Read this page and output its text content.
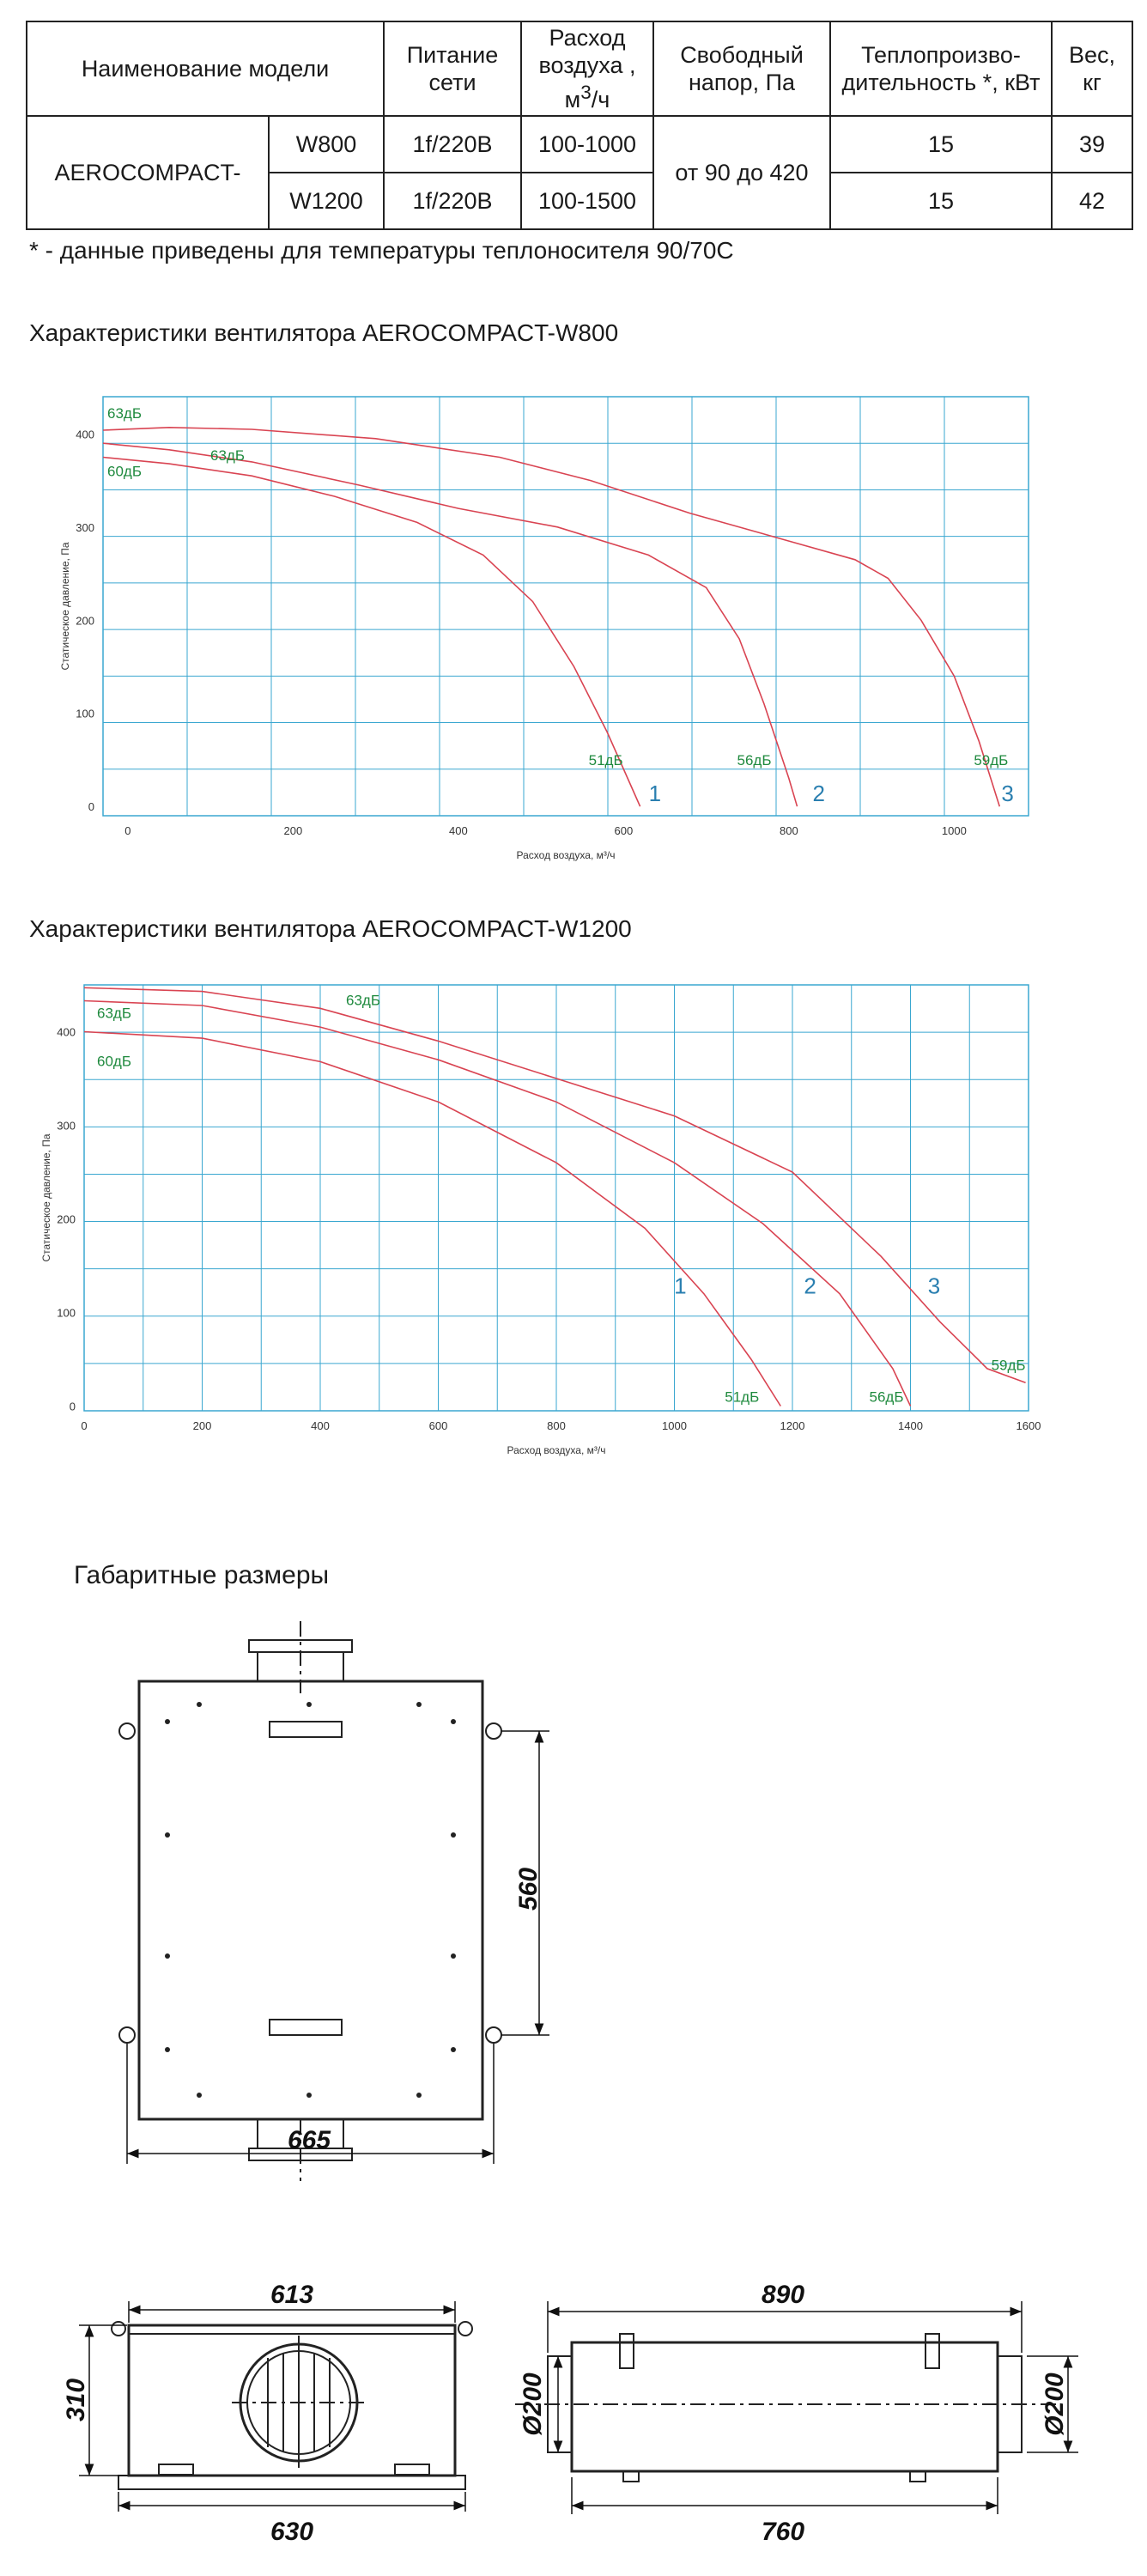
Наименование модели		Питание сети	Расход воздуха , $м^3/ч$	Свободный напор, Па	Теплопроизво-дительность *, кВт	Вес, кг
AEROCOMPACT-	W800	1f/220В	100-1000	от 90 до 420	15	39
	W1200	1f/220В	100-1500		15	42
* - данные приведены для температуры теплоносителя 90/70С
Характеристики вентилятора AEROCOMPACT-W800
0	200	400	600	800	1000
0
100
200
300
400
Расход воздуха, м³/ч
Статическое давление, Па
60дБ
51дБ
1
63дБ
56дБ
2
63дБ
59дБ
3
Характеристики вентилятора AEROCOMPACT-W1200
0	200	400	600	800	1000	1200	1400	1600
0
100
200
300
400
Расход воздуха, м³/ч
Статическое давление, Па
60дБ
51дБ
63дБ
56дБ
63дБ
59дБ
1	2	3
Габаритные размеры
560
665
613
310
630
890
760
Ø200	Ø200
